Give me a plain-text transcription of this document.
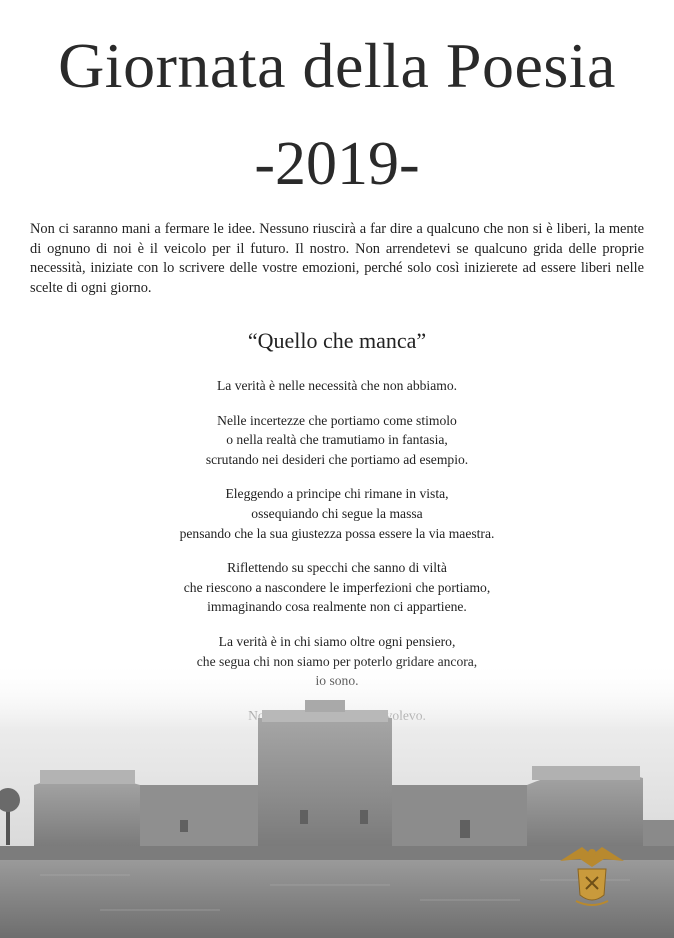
Giornata della Poesia
-2019-

Non ci saranno mani a fermare le idee. Nessuno riuscirà a far dire a qualcuno che non si è liberi, la mente di ognuno di noi è il veicolo per il futuro. Il nostro. Non arrendetevi se qualcuno grida delle proprie necessità, iniziate con lo scrivere delle vostre emozioni, perché solo così inizierete ad essere liberi nelle scelte di ogni giorno.

“Quello che manca”
La verità è nelle necessità che non abbiamo.
Nelle incertezze che portiamo come stimolo
o nella realtà che tramutiamo in fantasia,
scrutando nei desideri che portiamo ad esempio.
Eleggendo a principe chi rimane in vista,
ossequiando chi segue la massa
pensando che la sua giustezza possa essere la via maestra.
Riflettendo su specchi che sanno di viltà
che riescono a nascondere le imperfezioni che portiamo,
immaginando cosa realmente non ci appartiene.
La verità è in chi siamo oltre ogni pensiero,
